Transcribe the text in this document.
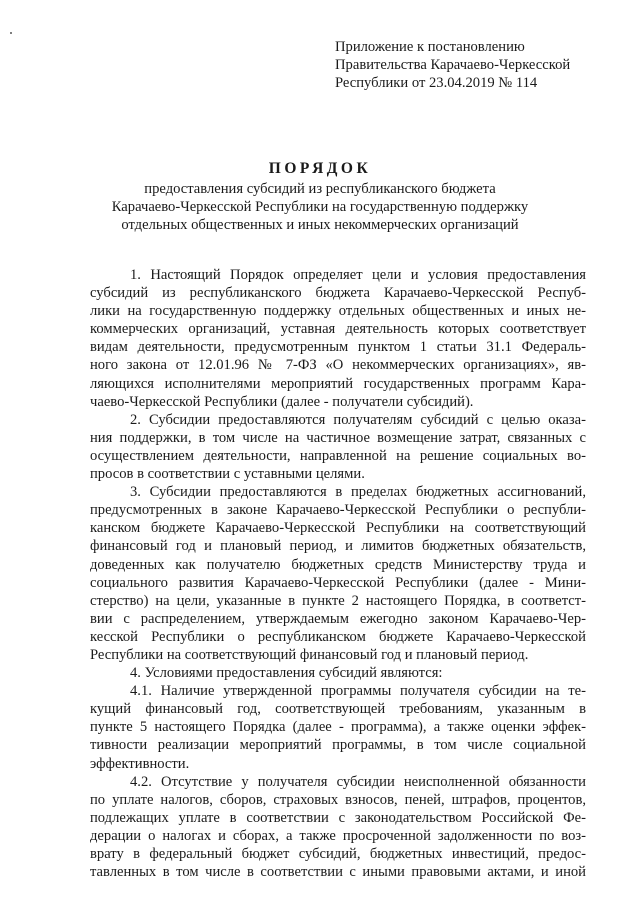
Приложение к постановлению
Правительства Карачаево-Черкесской
Республики от 23.04.2019 № 114
ПОРЯДОК
предоставления субсидий из республиканского бюджета
Карачаево-Черкесской Республики на государственную поддержку
отдельных общественных и иных некоммерческих организаций
1. Настоящий Порядок определяет цели и условия предоставления
субсидий из республиканского бюджета Карачаево-Черкесской Респуб-
лики на государственную поддержку отдельных общественных и иных не-
коммерческих организаций, уставная деятельность которых соответствует
видам деятельности, предусмотренным пунктом 1 статьи 31.1 Федераль-
ного закона от 12.01.96 № 7-ФЗ «О некоммерческих организациях», яв-
ляющихся исполнителями мероприятий государственных программ Кара-
чаево-Черкесской Республики (далее - получатели субсидий).
2. Субсидии предоставляются получателям субсидий с целью оказа-
ния поддержки, в том числе на частичное возмещение затрат, связанных с
осуществлением деятельности, направленной на решение социальных во-
просов в соответствии с уставными целями.
3. Субсидии предоставляются в пределах бюджетных ассигнований,
предусмотренных в законе Карачаево-Черкесской Республики о республи-
канском бюджете Карачаево-Черкесской Республики на соответствующий
финансовый год и плановый период, и лимитов бюджетных обязательств,
доведенных как получателю бюджетных средств Министерству труда и
социального развития Карачаево-Черкесской Республики (далее - Мини-
стерство) на цели, указанные в пункте 2 настоящего Порядка, в соответст-
вии с распределением, утверждаемым ежегодно законом Карачаево-Чер-
кесской Республики о республиканском бюджете Карачаево-Черкесской
Республики на соответствующий финансовый год и плановый период.
4. Условиями предоставления субсидий являются:
4.1. Наличие утвержденной программы получателя субсидии на те-
кущий финансовый год, соответствующей требованиям, указанным в
пункте 5 настоящего Порядка (далее - программа), а также оценки эффек-
тивности реализации мероприятий программы, в том числе социальной
эффективности.
4.2. Отсутствие у получателя субсидии неисполненной обязанности
по уплате налогов, сборов, страховых взносов, пеней, штрафов, процентов,
подлежащих уплате в соответствии с законодательством Российской Фе-
дерации о налогах и сборах, а также просроченной задолженности по воз-
врату в федеральный бюджет субсидий, бюджетных инвестиций, предос-
тавленных в том числе в соответствии с иными правовыми актами, и иной
